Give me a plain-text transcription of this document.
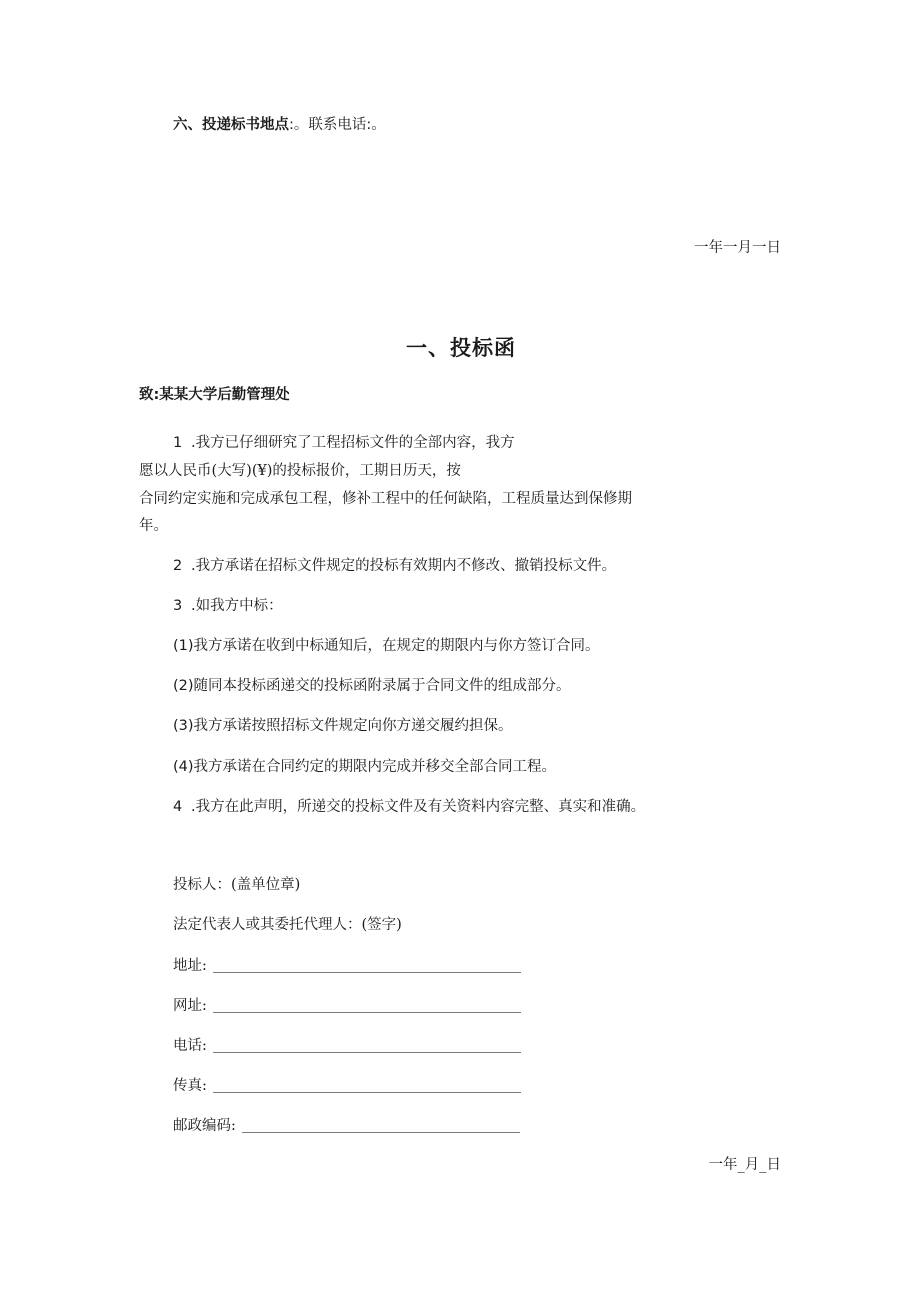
六、投递标书地点:。联系电话:。
一年一月一日
一、投标函
致:某某大学后勤管理处
1 .我方已仔细研究了工程招标文件的全部内容，我方
愿以人民币(大写)(¥)的投标报价，工期日历天，按
合同约定实施和完成承包工程，修补工程中的任何缺陷，工程质量达到保修期
年。
2 .我方承诺在招标文件规定的投标有效期内不修改、撤销投标文件。
3 .如我方中标：
(1)我方承诺在收到中标通知后，在规定的期限内与你方签订合同。
(2)随同本投标函递交的投标函附录属于合同文件的组成部分。
(3)我方承诺按照招标文件规定向你方递交履约担保。
(4)我方承诺在合同约定的期限内完成并移交全部合同工程。
4 .我方在此声明，所递交的投标文件及有关资料内容完整、真实和准确。
投标人：(盖单位章)
法定代表人或其委托代理人：(签字)
地址:
网址:
电话:
传真:
邮政编码:
一年_月_日
